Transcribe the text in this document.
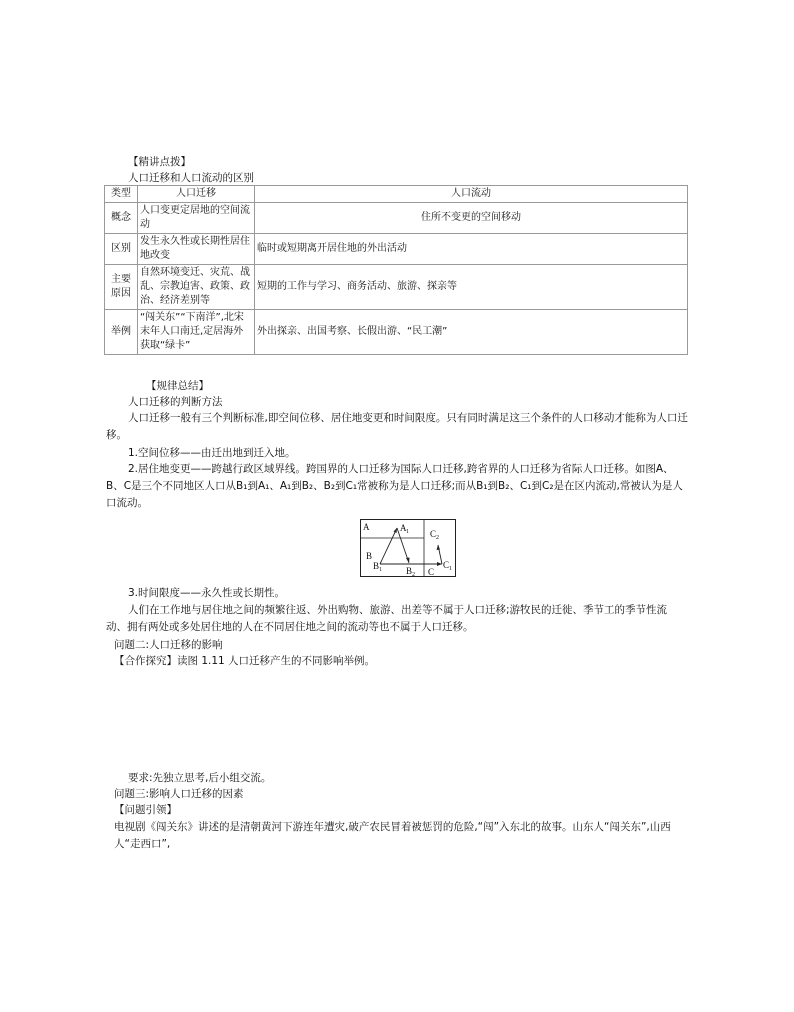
【精讲点拨】
人口迁移和人口流动的区别
类型	人口迁移	人口流动
概念	人口变更定居地的空间流动	住所不变更的空间移动
区别	发生永久性或长期性居住地改变	临时或短期离开居住地的外出活动
主要原因	自然环境变迁、灾荒、战乱、宗教迫害、政策、政治、经济差别等	短期的工作与学习、商务活动、旅游、探亲等
举例	“闯关东”“下南洋”,北宋末年人口南迁,定居海外获取“绿卡”	外出探亲、出国考察、长假出游、“民工潮”
【规律总结】
人口迁移的判断方法
人口迁移一般有三个判断标准,即空间位移、居住地变更和时间限度。只有同时满足这三个条件的人口移动才能称为人口迁移。
1.空间位移——由迁出地到迁入地。
2.居住地变更——跨越行政区域界线。跨国界的人口迁移为国际人口迁移,跨省界的人口迁移为省际人口迁移。如图A、B、C是三个不同地区人口从B₁到A₁、A₁到B₂、B₂到C₁常被称为是人口迁移;而从B₁到B₂、C₁到C₂是在区内流动,常被认为是人口流动。
A	A 1
B
B 1	B 2
C 2
C 1
C
3.时间限度——永久性或长期性。
人们在工作地与居住地之间的频繁往返、外出购物、旅游、出差等不属于人口迁移;游牧民的迁徙、季节工的季节性流动、拥有两处或多处居住地的人在不同居住地之间的流动等也不属于人口迁移。
问题二:人口迁移的影响
【合作探究】读图 1.11 人口迁移产生的不同影响举例。
要求:先独立思考,后小组交流。
问题三:影响人口迁移的因素
【问题引领】
电视剧《闯关东》讲述的是清朝黄河下游连年遭灾,破产农民冒着被惩罚的危险,“闯”入东北的故事。山东人“闯关东”,山西人“走西口”,
